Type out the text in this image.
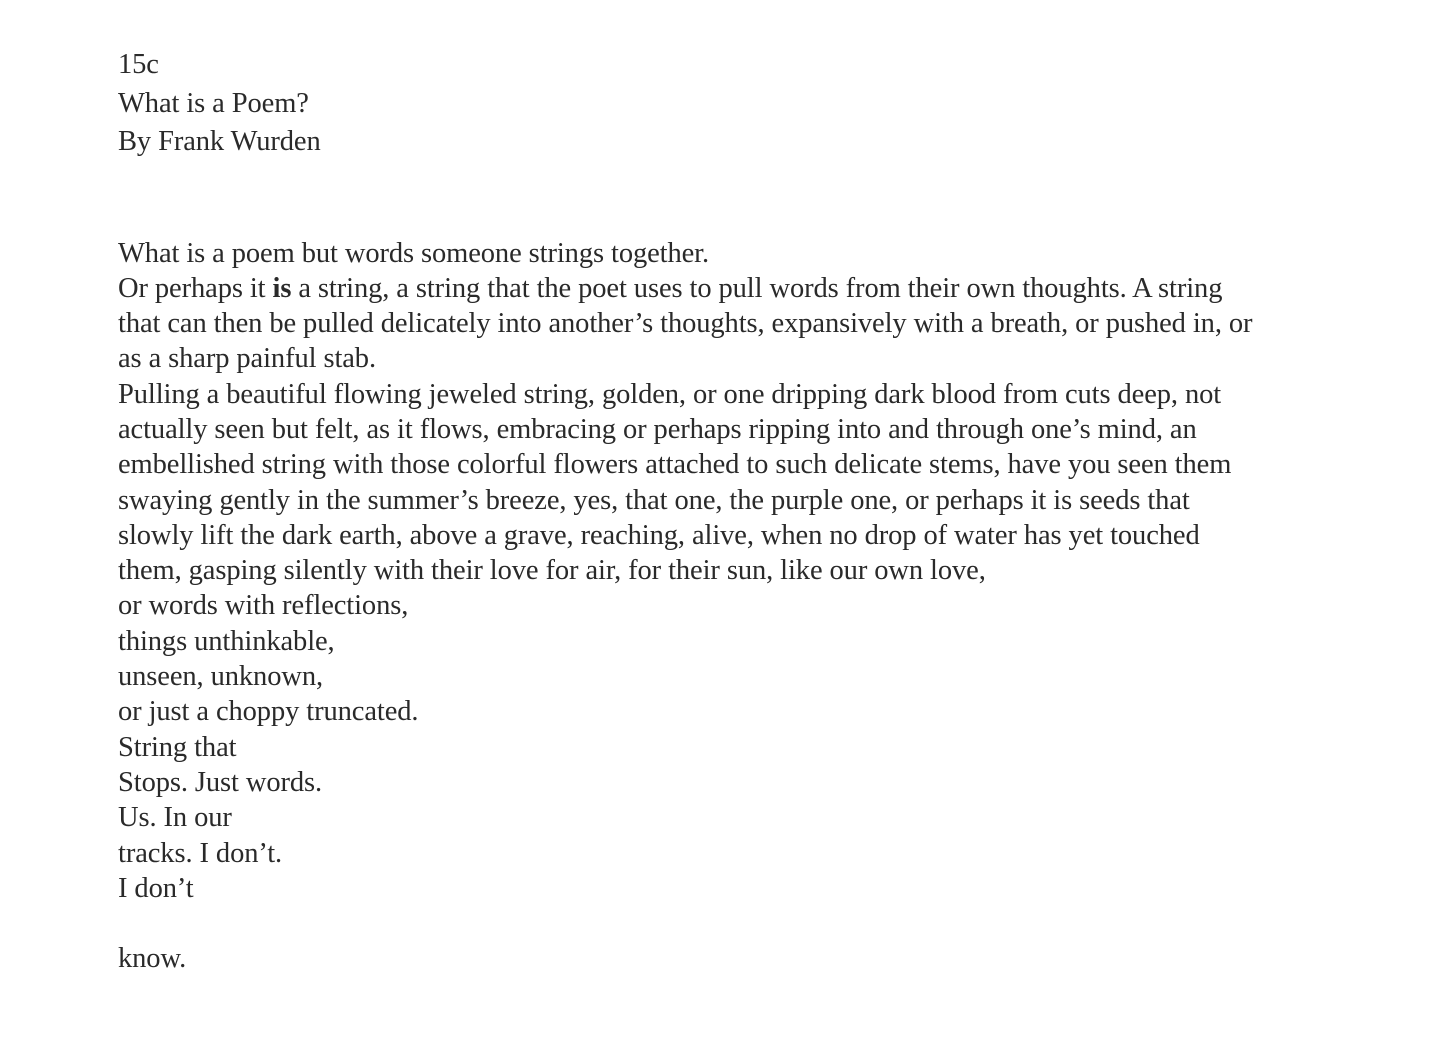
15c
What is a Poem?
By Frank Wurden
What is a poem but words someone strings together.
Or perhaps it is a string, a string that the poet uses to pull words from their own thoughts. A string
that can then be pulled delicately into another’s thoughts, expansively with a breath, or pushed in, or
as a sharp painful stab.
Pulling a beautiful flowing jeweled string, golden, or one dripping dark blood from cuts deep, not
actually seen but felt, as it flows, embracing or perhaps ripping into and through one’s mind, an
embellished string with those colorful flowers attached to such delicate stems, have you seen them
swaying gently in the summer’s breeze, yes, that one, the purple one, or perhaps it is seeds that
slowly lift the dark earth, above a grave, reaching, alive, when no drop of water has yet touched
them, gasping silently with their love for air, for their sun, like our own love,
or words with reflections,
things unthinkable,
unseen, unknown,
or just a choppy truncated.
String that
Stops. Just words.
Us. In our
tracks. I don’t.
I don’t
know.
